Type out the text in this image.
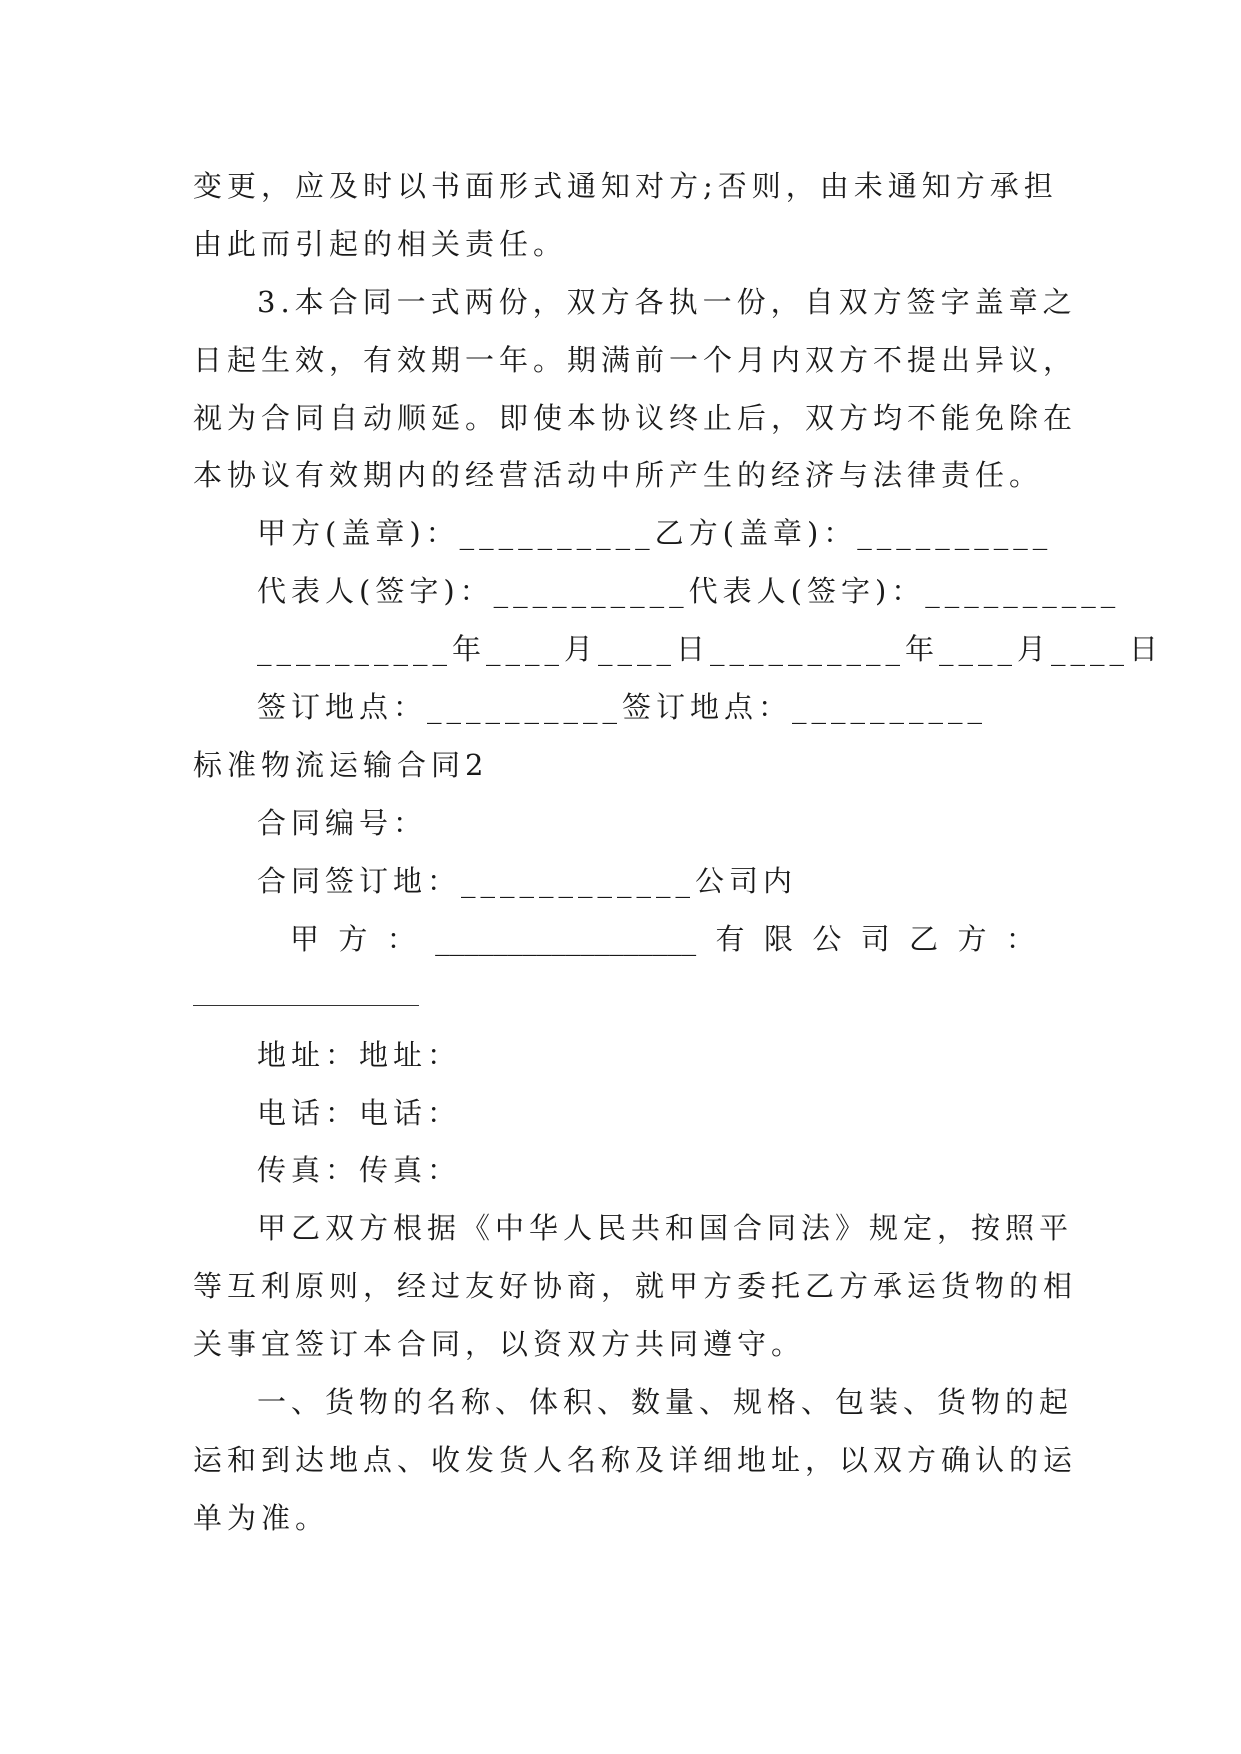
变更，应及时以书面形式通知对方;否则，由未通知方承担
由此而引起的相关责任。
3.本合同一式两份，双方各执一份，自双方签字盖章之
日起生效，有效期一年。期满前一个月内双方不提出异议，
视为合同自动顺延。即使本协议终止后，双方均不能免除在
本协议有效期内的经营活动中所产生的经济与法律责任。
甲方(盖章)：__________乙方(盖章)：__________
代表人(签字)：__________代表人(签字)：__________
__________年____月____日__________年____月____日
签订地点：__________签订地点：__________
标准物流运输合同2
合同编号：
合同签订地：____________公司内
甲 方 ： __________________ 有 限 公 司 乙 方 ：
地址：地址：
电话：电话：
传真：传真：
甲乙双方根据《中华人民共和国合同法》规定，按照平
等互利原则，经过友好协商，就甲方委托乙方承运货物的相
关事宜签订本合同，以资双方共同遵守。
一、货物的名称、体积、数量、规格、包装、货物的起
运和到达地点、收发货人名称及详细地址，以双方确认的运
单为准。
